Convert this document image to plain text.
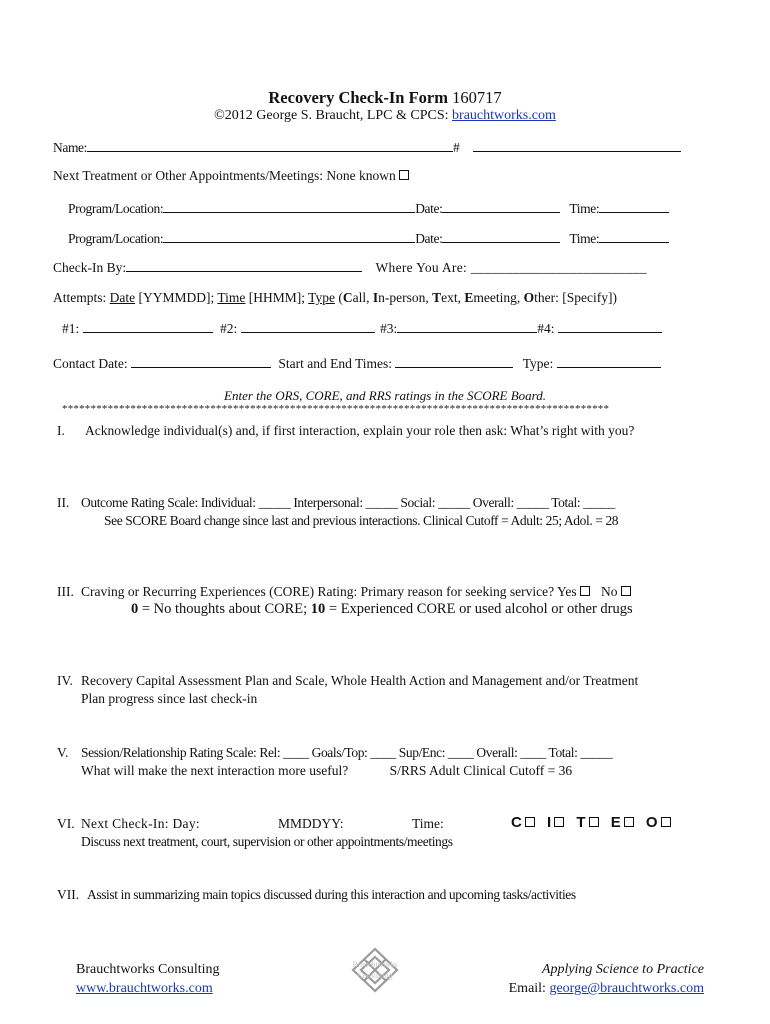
Recovery Check-In Form 160717
©2012 George S. Braucht, LPC & CPCS: brauchtworks.com
Name:	#
Next Treatment or Other Appointments/Meetings: None known
Program/Location:	Date:	Time:
Program/Location:	Date:	Time:
Check-In By:	Where You Are: _________________________
Attempts: Date [YYMMDD]; Time [HHMM]; Type (Call, In-person, Text, Emeeting, Other: [Specify])
#1:	#2:	#3:	#4:
Contact Date:	Start and End Times:	Type:
Enter the ORS, CORE, and RRS ratings in the SCORE Board.
************************************************************************************************
I. Acknowledge individual(s) and, if first interaction, explain your role then ask: What’s right with you?
II. Outcome Rating Scale: Individual: _____ Interpersonal: _____ Social: _____ Overall: _____ Total: _____
See SCORE Board change since last and previous interactions. Clinical Cutoff = Adult: 25; Adol. = 28
III. Craving or Recurring Experiences (CORE) Rating: Primary reason for seeking service? Yes No
0 = No thoughts about CORE; 10 = Experienced CORE or used alcohol or other drugs
IV. Recovery Capital Assessment Plan and Scale, Whole Health Action and Management and/or Treatment
Plan progress since last check-in
V. Session/Relationship Rating Scale: Rel: ____ Goals/Top: ____ Sup/Enc: ____ Overall: ____ Total: _____
What will make the next interaction more useful?	S/RRS Adult Clinical Cutoff = 36
VI. Next Check-In: Day:	MMDDYY:	Time:	C I T E O
Discuss next treatment, court, supervision or other appointments/meetings
VII. Assist in summarizing main topics discussed during this interaction and upcoming tasks/activities
Brauchtworks Consulting
www.brauchtworks.com
Brauchtworks
Consulting	Applying Science to Practice
Email: george@brauchtworks.com
